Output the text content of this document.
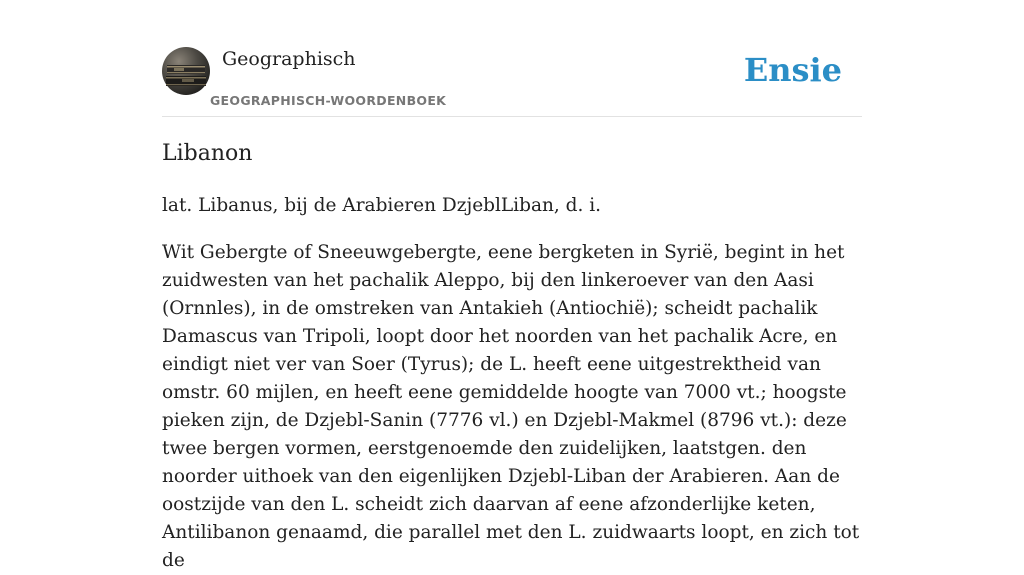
Geographisch
GEOGRAPHISCH-WOORDENBOEK
Ensie
Libanon

lat. Libanus, bij de Arabieren DzjeblLiban, d. i.

Wit Gebergte of Sneeuwgebergte, eene bergketen in Syrië, begint in het zuidwesten van het pachalik Aleppo, bij den linkeroever van den Aasi (Ornnles), in de omstreken van Antakieh (Antiochië); scheidt pachalik Damascus van Tripoli, loopt door het noorden van het pachalik Acre, en eindigt niet ver van Soer (Tyrus); de L. heeft eene uitgestrektheid van omstr. 60 mijlen, en heeft eene gemiddelde hoogte van 7000 vt.; hoogste pieken zijn, de Dzjebl-Sanin (7776 vl.) en Dzjebl-Makmel (8796 vt.): deze twee bergen vormen, eerstgenoemde den zuidelijken, laatstgen. den noorder uithoek van den eigenlijken Dzjebl-Liban der Arabieren. Aan de oostzijde van den L. scheidt zich daarvan af eene afzonderlijke keten, Antilibanon genaamd, die parallel met den L. zuidwaarts loopt, en zich tot de
